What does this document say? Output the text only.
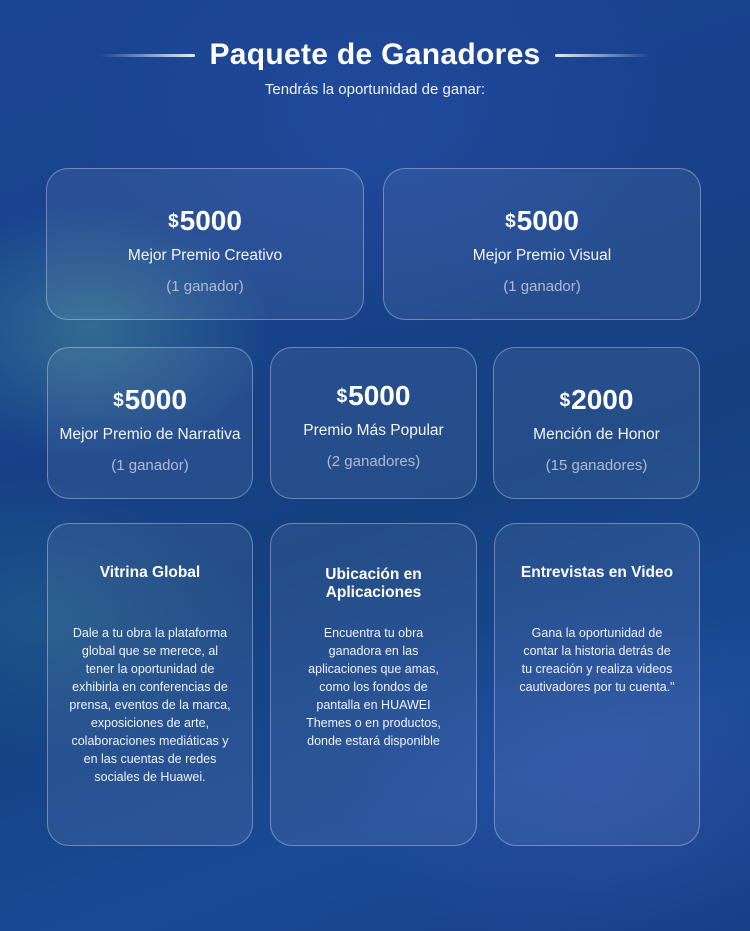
Paquete de Ganadores
Tendrás la oportunidad de ganar:
$5000
Mejor Premio Creativo
(1 ganador)
$5000
Mejor Premio Visual
(1 ganador)
$5000
Mejor Premio de Narrativa
(1 ganador)
$5000
Premio Más Popular
(2 ganadores)
$2000
Mención de Honor
(15 ganadores)
Vitrina Global
Dale a tu obra la plataforma global que se merece, al tener la oportunidad de exhibirla en conferencias de prensa, eventos de la marca, exposiciones de arte, colaboraciones mediáticas y en las cuentas de redes sociales de Huawei.
Ubicación en Aplicaciones
Encuentra tu obra ganadora en las aplicaciones que amas, como los fondos de pantalla en HUAWEI Themes o en productos, donde estará disponible
Entrevistas en Video
Gana la oportunidad de contar la historia detrás de tu creación y realiza videos cautivadores por tu cuenta."
